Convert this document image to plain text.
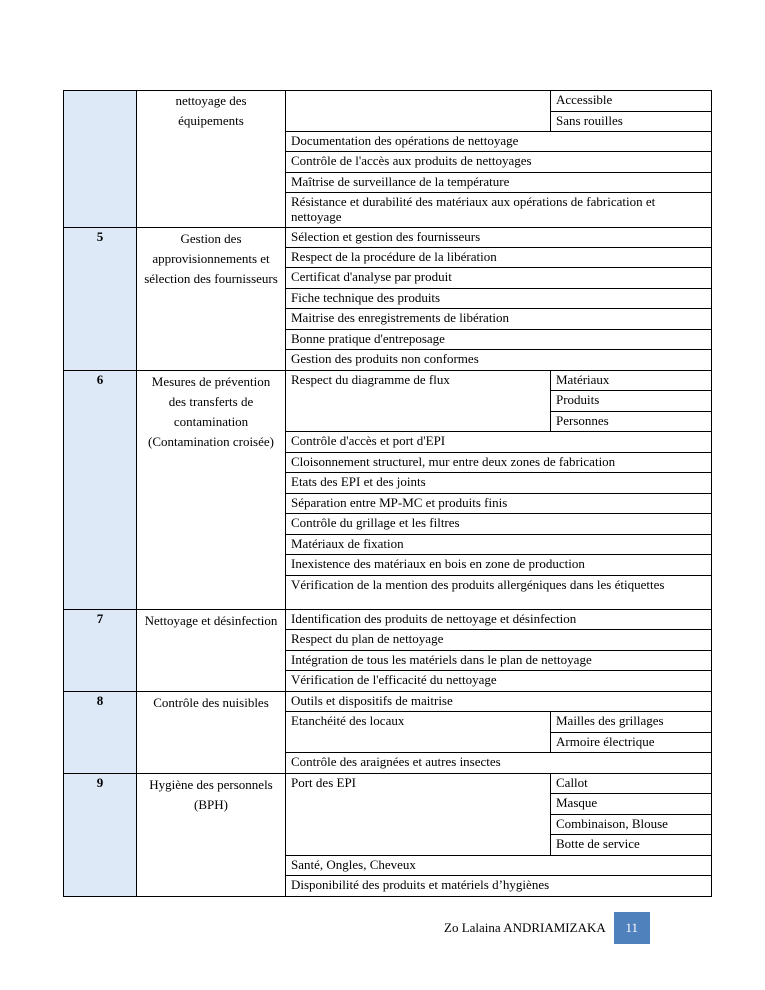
	nettoyage des équipements		Accessible
			Sans rouilles
		Documentation des opérations de nettoyage	
		Contrôle de l'accès aux produits de nettoyages	
		Maîtrise de surveillance de la température	
		Résistance et durabilité des matériaux aux opérations de fabrication et nettoyage	
5	Gestion des approvisionnements et sélection des fournisseurs	Sélection et gestion des fournisseurs	
		Respect de la procédure de la libération	
		Certificat d'analyse par produit	
		Fiche technique des produits	
		Maitrise des enregistrements de libération	
		Bonne pratique d'entreposage	
		Gestion des produits non conformes	
6	Mesures de prévention des transferts de contamination (Contamination croisée)	Respect du diagramme de flux	Matériaux
			Produits
			Personnes
		Contrôle d'accès et port d'EPI	
		Cloisonnement structurel, mur entre deux zones de fabrication	
		Etats des EPI et des joints	
		Séparation entre MP-MC et produits finis	
		Contrôle du grillage et les filtres	
		Matériaux de fixation	
		Inexistence des matériaux en bois en zone de production	
		Vérification de la mention des produits allergéniques dans les étiquettes	
7	Nettoyage et désinfection	Identification des produits de nettoyage et désinfection	
		Respect du plan de nettoyage	
		Intégration de tous les matériels dans le plan de nettoyage	
		Vérification de l'efficacité du nettoyage	
8	Contrôle des nuisibles	Outils et dispositifs de maitrise	
		Etanchéité des locaux	Mailles des grillages
			Armoire électrique
		Contrôle des araignées et autres insectes	
9	Hygiène des personnels (BPH)	Port des EPI	Callot
			Masque
			Combinaison, Blouse
			Botte de service
		Santé, Ongles, Cheveux	
		Disponibilité des produits et matériels d’hygiènes	
Zo Lalaina ANDRIAMIZAKA	11
